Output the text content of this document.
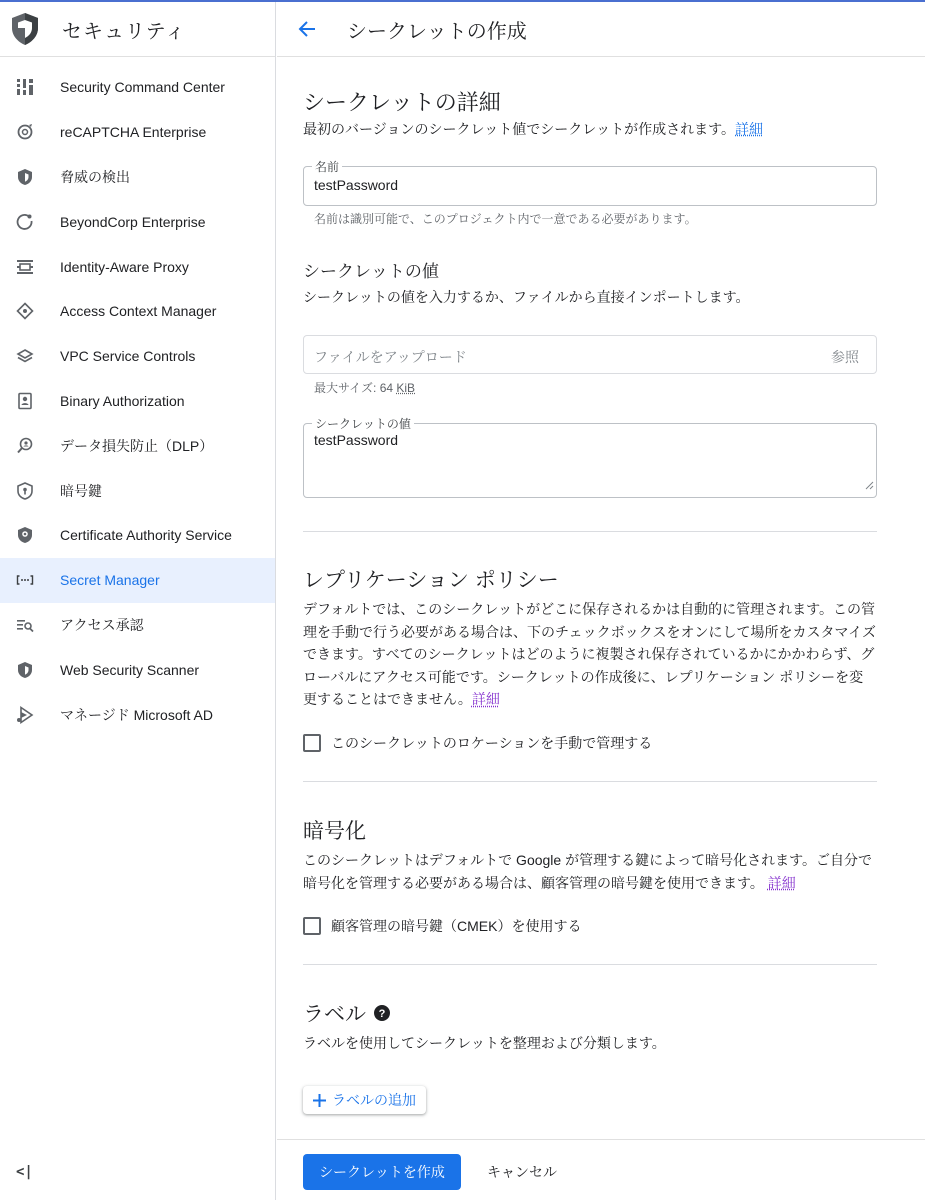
セキュリティ
Security Command Center
reCAPTCHA Enterprise
脅威の検出
BeyondCorp Enterprise
Identity-Aware Proxy
Access Context Manager
VPC Service Controls
Binary Authorization
データ損失防止（DLP）
暗号鍵
Certificate Authority Service
Secret Manager
アクセス承認
Web Security Scanner
マネージド Microsoft AD
<|
シークレットの作成
シークレットの詳細

最初のバージョンのシークレット値でシークレットが作成されます。詳細

名前
testPassword
名前は識別可能で、このプロジェクト内で一意である必要があります。
シークレットの値

シークレットの値を入力するか、ファイルから直接インポートします。

ファイルをアップロード	参照
最大サイズ: 64 KiB
シークレットの値
testPassword
レプリケーション ポリシー

デフォルトでは、このシークレットがどこに保存されるかは自動的に管理されます。この管理を手動で行う必要がある場合は、下のチェックボックスをオンにして場所をカスタマイズできます。すべてのシークレットはどのように複製され保存されているかにかかわらず、グローバルにアクセス可能です。シークレットの作成後に、レプリケーション ポリシーを変更することはできません。詳細

このシークレットのロケーションを手動で管理する
暗号化

このシークレットはデフォルトで Google が管理する鍵によって暗号化されます。ご自分で暗号化を管理する必要がある場合は、顧客管理の暗号鍵を使用できます。 詳細

顧客管理の暗号鍵（CMEK）を使用する
ラベル ?

ラベルを使用してシークレットを整理および分類します。

ラベルの追加
シークレットを作成	キャンセル
